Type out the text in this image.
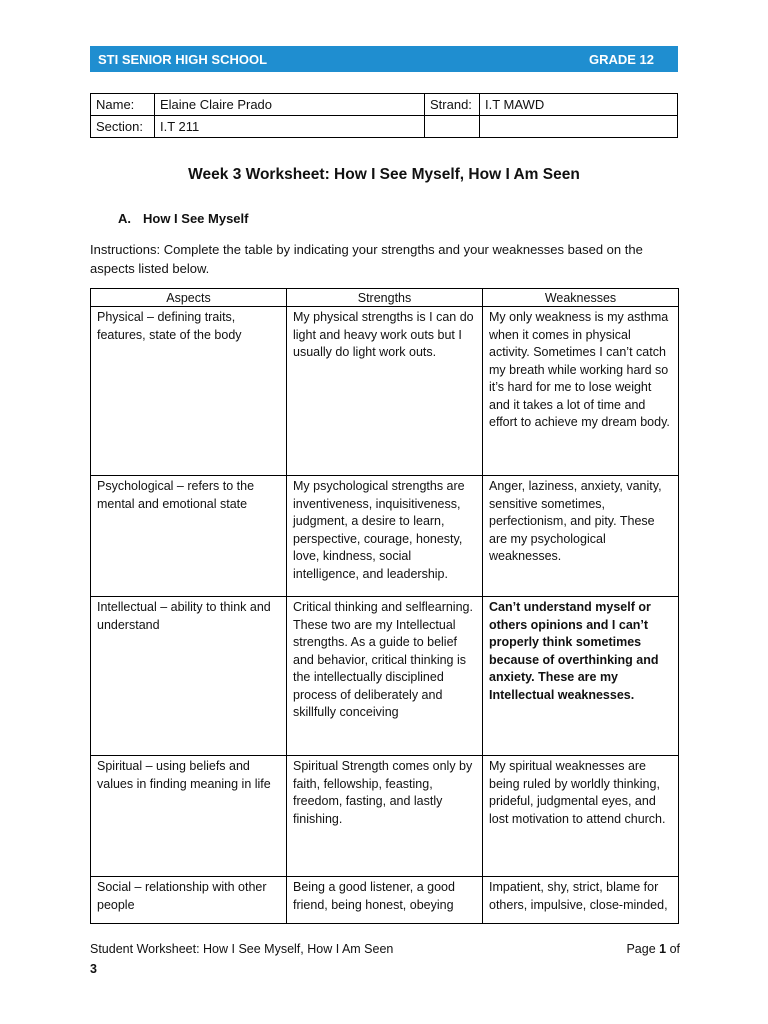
STI SENIOR HIGH SCHOOL	GRADE 12
Name:	Elaine Claire Prado	Strand:	I.T MAWD
Section:	I.T 211		
Week 3 Worksheet: How I See Myself, How I Am Seen
A. How I See Myself
Instructions: Complete the table by indicating your strengths and your weaknesses based on the aspects listed below.
Aspects	Strengths	Weaknesses
Physical – defining traits, features, state of the body	My physical strengths is I can do light and heavy work outs but I usually do light work outs.	My only weakness is my asthma when it comes in physical activity. Sometimes I can’t catch my breath while working hard so it’s hard for me to lose weight and it takes a lot of time and effort to achieve my dream body.
Psychological – refers to the mental and emotional state	My psychological strengths are inventiveness, inquisitiveness, judgment, a desire to learn, perspective, courage, honesty, love, kindness, social intelligence, and leadership.	Anger, laziness, anxiety, vanity, sensitive sometimes, perfectionism, and pity. These are my psychological weaknesses.
Intellectual – ability to think and understand	Critical thinking and selflearning. These two are my Intellectual strengths. As a guide to belief and behavior, critical thinking is the intellectually disciplined process of deliberately and skillfully conceiving	Can’t understand myself or others opinions and I can’t properly think sometimes because of overthinking and anxiety. These are my Intellectual weaknesses.
Spiritual – using beliefs and values in finding meaning in life	Spiritual Strength comes only by faith, fellowship, feasting, freedom, fasting, and lastly finishing.	My spiritual weaknesses are being ruled by worldly thinking, prideful, judgmental eyes, and lost motivation to attend church.
Social – relationship with other people	Being a good listener, a good friend, being honest, obeying	Impatient, shy, strict, blame for others, impulsive, close-minded,
Student Worksheet: How I See Myself, How I Am Seen	Page 1 of
3
